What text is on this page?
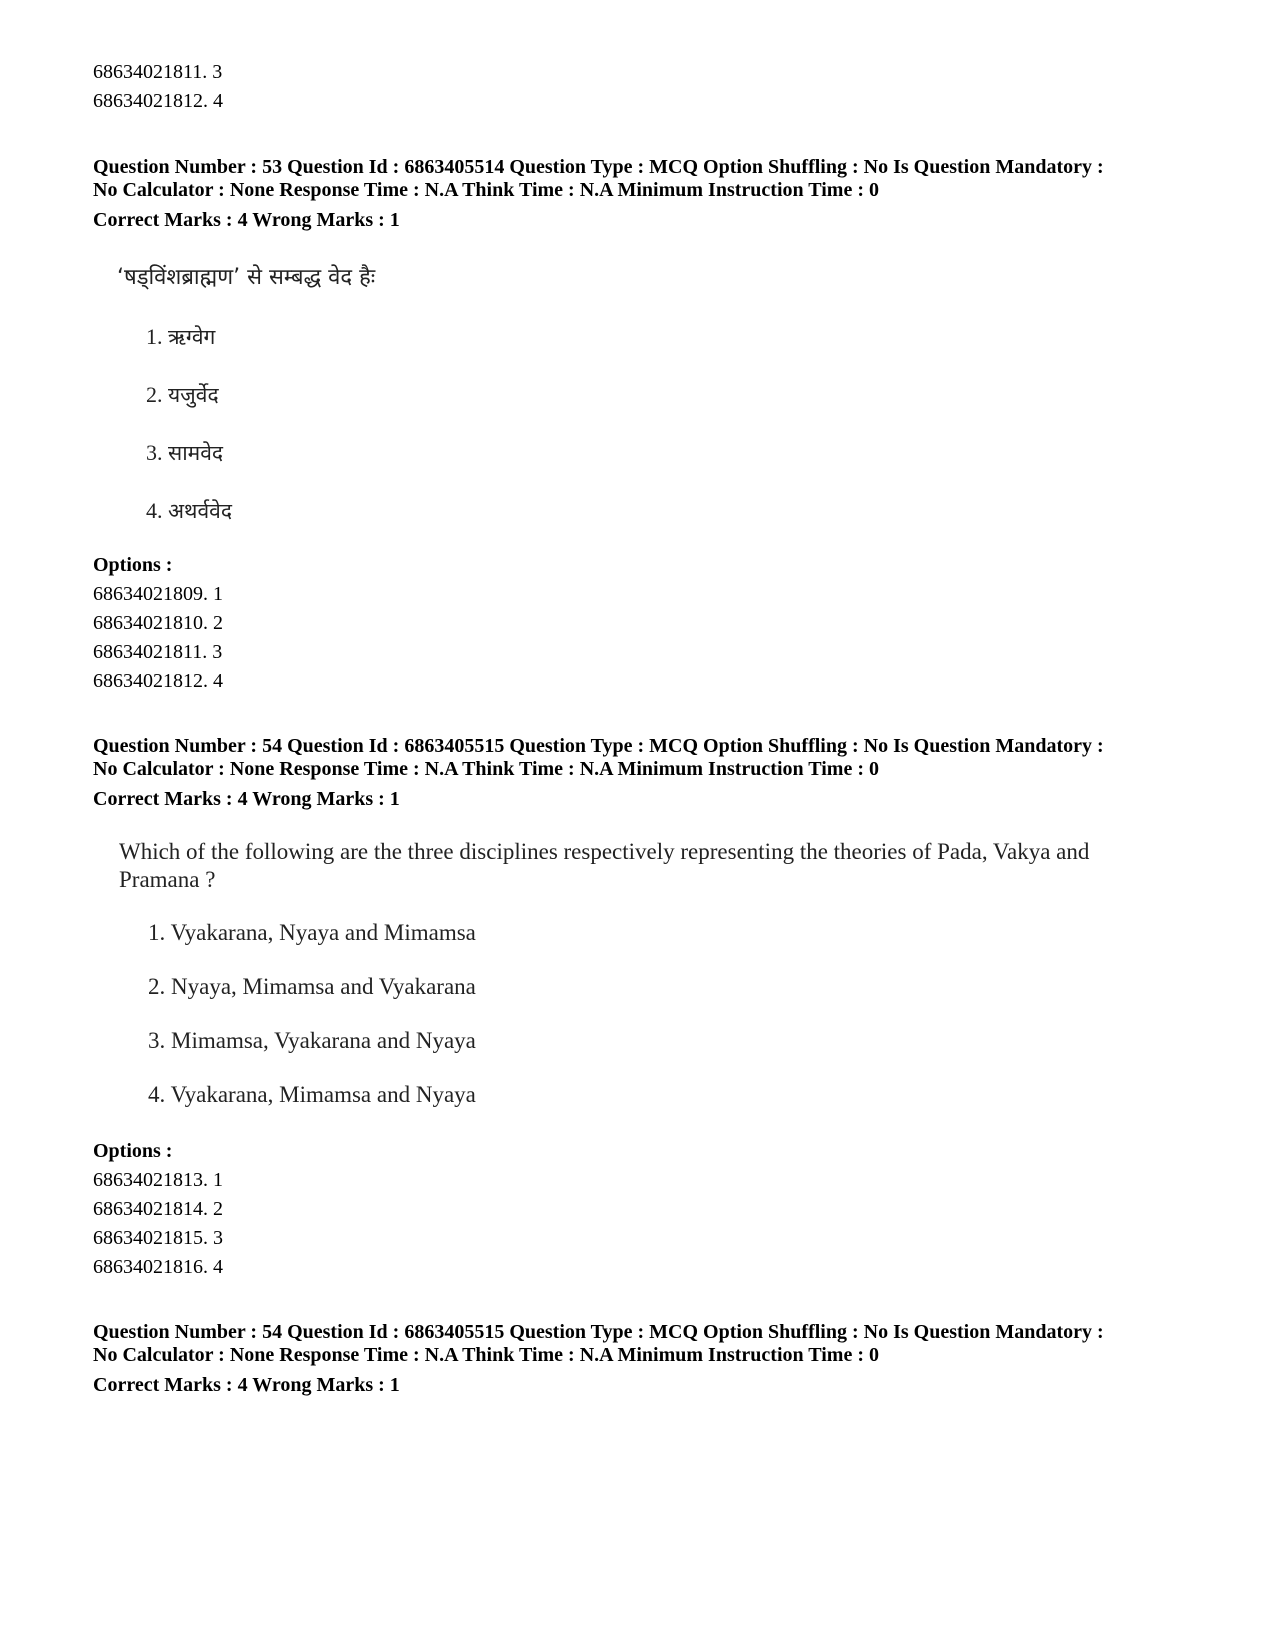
68634021811. 3
68634021812. 4
Question Number : 53 Question Id : 6863405514 Question Type : MCQ Option Shuffling : No Is Question Mandatory :
No Calculator : None Response Time : N.A Think Time : N.A Minimum Instruction Time : 0
Correct Marks : 4 Wrong Marks : 1
‘षड्विंशब्राह्मण’ से सम्बद्ध वेद हैः
1. ऋग्वेग
2. यजुर्वेद
3. सामवेद
4. अथर्ववेद
Options :
68634021809. 1
68634021810. 2
68634021811. 3
68634021812. 4
Question Number : 54 Question Id : 6863405515 Question Type : MCQ Option Shuffling : No Is Question Mandatory :
No Calculator : None Response Time : N.A Think Time : N.A Minimum Instruction Time : 0
Correct Marks : 4 Wrong Marks : 1
Which of the following are the three disciplines respectively representing the theories of Pada, Vakya and
Pramana ?
1. Vyakarana, Nyaya and Mimamsa
2. Nyaya, Mimamsa and Vyakarana
3. Mimamsa, Vyakarana and Nyaya
4. Vyakarana, Mimamsa and Nyaya
Options :
68634021813. 1
68634021814. 2
68634021815. 3
68634021816. 4
Question Number : 54 Question Id : 6863405515 Question Type : MCQ Option Shuffling : No Is Question Mandatory :
No Calculator : None Response Time : N.A Think Time : N.A Minimum Instruction Time : 0
Correct Marks : 4 Wrong Marks : 1
